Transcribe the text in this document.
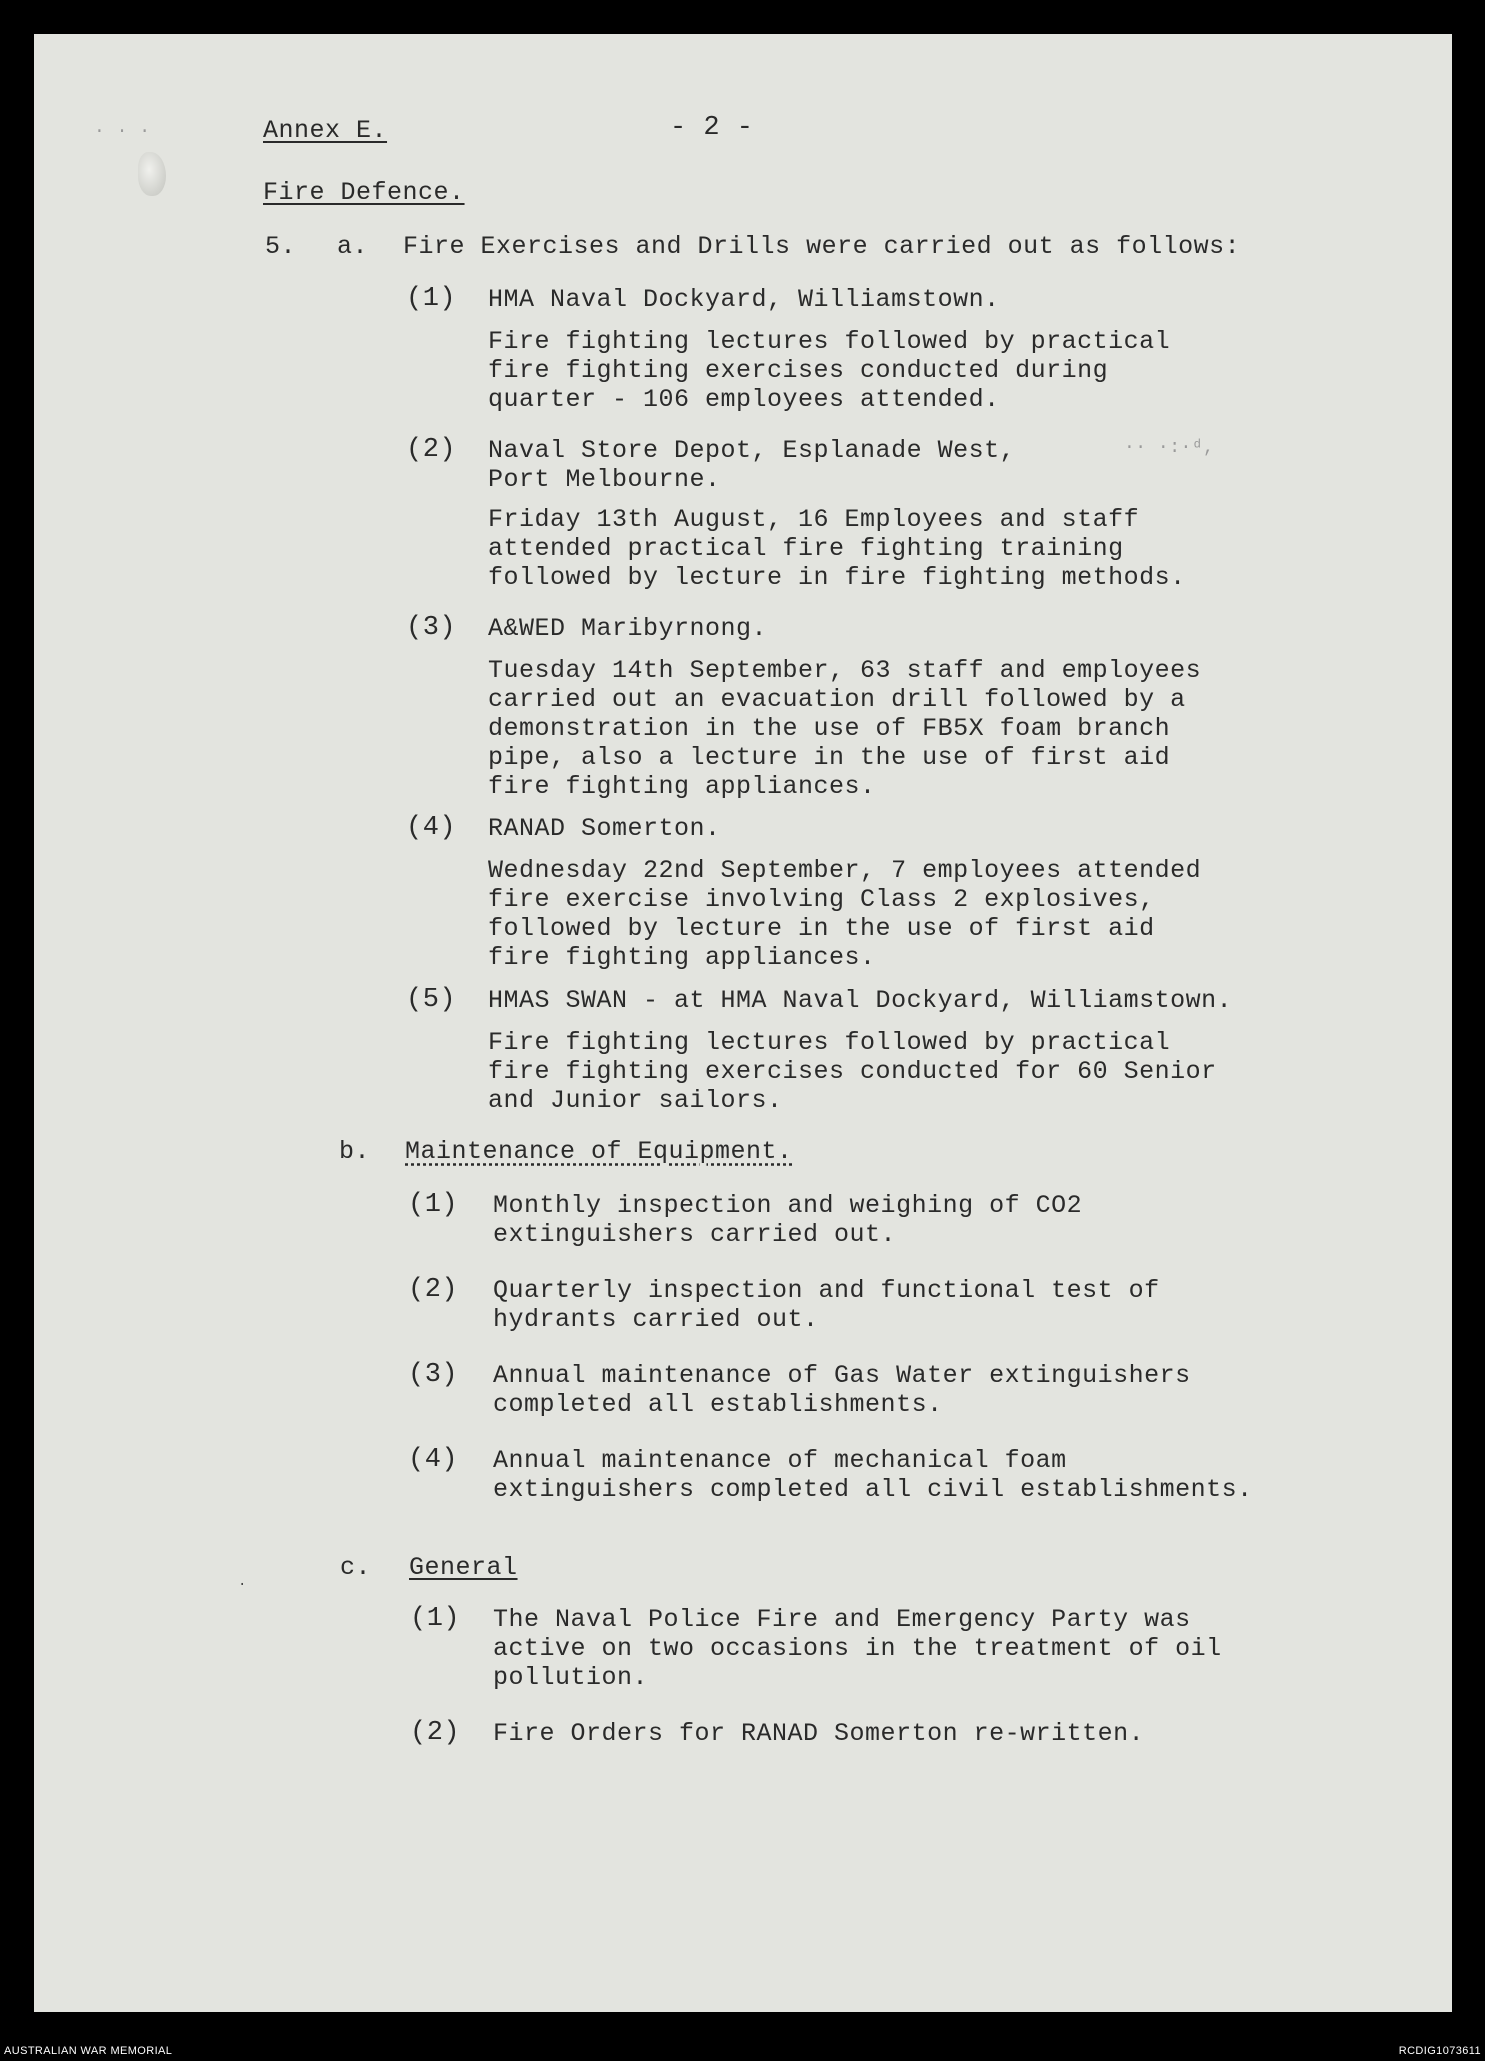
· · ·	Annex E.	- 2 -
Fire Defence.
5. a. Fire Exercises and Drills were carried out as follows:
(1) HMA Naval Dockyard, Williamstown.
Fire fighting lectures followed by practical
fire fighting exercises conducted during
quarter - 106 employees attended.
(2) Naval Store Depot, Esplanade West,
Port Melbourne.
·· ·:·ᵈ,
Friday 13th August, 16 Employees and staff
attended practical fire fighting training
followed by lecture in fire fighting methods.
(3) A&WED Maribyrnong.
Tuesday 14th September, 63 staff and employees
carried out an evacuation drill followed by a
demonstration in the use of FB5X foam branch
pipe, also a lecture in the use of first aid
fire fighting appliances.
(4) RANAD Somerton.
Wednesday 22nd September, 7 employees attended
fire exercise involving Class 2 explosives,
followed by lecture in the use of first aid
fire fighting appliances.
(5) HMAS SWAN - at HMA Naval Dockyard, Williamstown.
Fire fighting lectures followed by practical
fire fighting exercises conducted for 60 Senior
and Junior sailors.
b. Maintenance of Equipment.
(1) Monthly inspection and weighing of CO2
extinguishers carried out.
(2) Quarterly inspection and functional test of
hydrants carried out.
(3) Annual maintenance of Gas Water extinguishers
completed all establishments.
(4) Annual maintenance of mechanical foam
extinguishers completed all civil establishments.
c. General
(1) The Naval Police Fire and Emergency Party was
active on two occasions in the treatment of oil
pollution.
(2) Fire Orders for RANAD Somerton re-written.
·
AUSTRALIAN WAR MEMORIAL	RCDIG1073611
